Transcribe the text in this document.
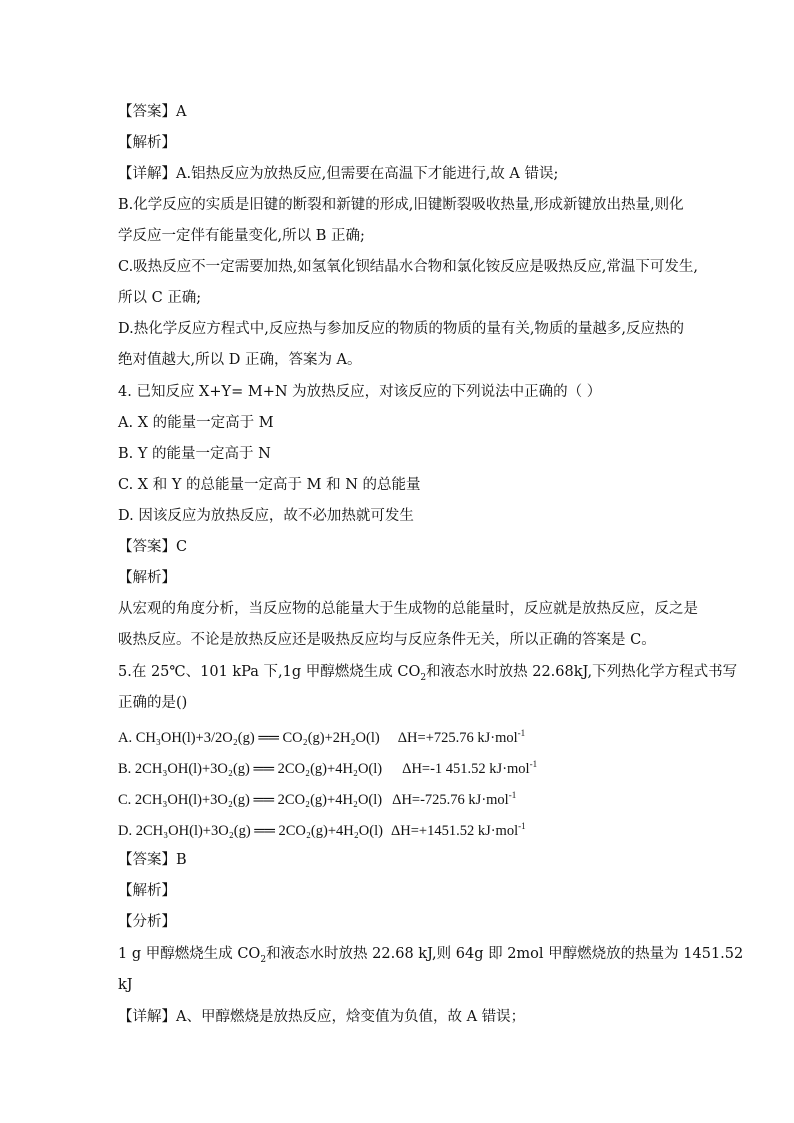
【答案】A
【解析】
【详解】A.铝热反应为放热反应,但需要在高温下才能进行,故 A 错误;
B.化学反应的实质是旧键的断裂和新键的形成,旧键断裂吸收热量,形成新键放出热量,则化
学反应一定伴有能量变化,所以 B 正确;
C.吸热反应不一定需要加热,如氢氧化钡结晶水合物和氯化铵反应是吸热反应,常温下可发生,
所以 C 正确;
D.热化学反应方程式中,反应热与参加反应的物质的物质的量有关,物质的量越多,反应热的
绝对值越大,所以 D 正确，答案为 A。
4. 已知反应 X+Y= M+N 为放热反应，对该反应的下列说法中正确的（ ）
A. X 的能量一定高于 M
B. Y 的能量一定高于 N
C. X 和 Y 的总能量一定高于 M 和 N 的总能量
D. 因该反应为放热反应，故不必加热就可发生
【答案】C
【解析】
从宏观的角度分析，当反应物的总能量大于生成物的总能量时，反应就是放热反应，反之是
吸热反应。不论是放热反应还是吸热反应均与反应条件无关，所以正确的答案是 C。
5.在 25℃、101 kPa 下,1g 甲醇燃烧生成 $CO_2$和液态水时放热 22.68kJ,下列热化学方程式书写
正确的是()
A. CH₃OH(l)+3/2O₂(g) ══ CO₂(g)+2H₂O(l) ΔH=+725.76 kJ·mol$^{-1}$
B. 2CH₃OH(l)+3O₂(g) ══ 2CO₂(g)+4H₂O(l) ΔH=-1 451.52 kJ·mol$^{-1}$
C. 2CH₃OH(l)+3O₂(g) ══ 2CO₂(g)+4H₂O(l) ΔH=-725.76 kJ·mol$^{-1}$
D. 2CH₃OH(l)+3O₂(g) ══ 2CO₂(g)+4H₂O(l) ΔH=+1451.52 kJ·mol$^{-1}$
【答案】B
【解析】
【分析】
1 g 甲醇燃烧生成 $CO_2$和液态水时放热 22.68 kJ,则 64g 即 2mol 甲醇燃烧放的热量为 1451.52
kJ
【详解】A、甲醇燃烧是放热反应，焓变值为负值，故 A 错误；
